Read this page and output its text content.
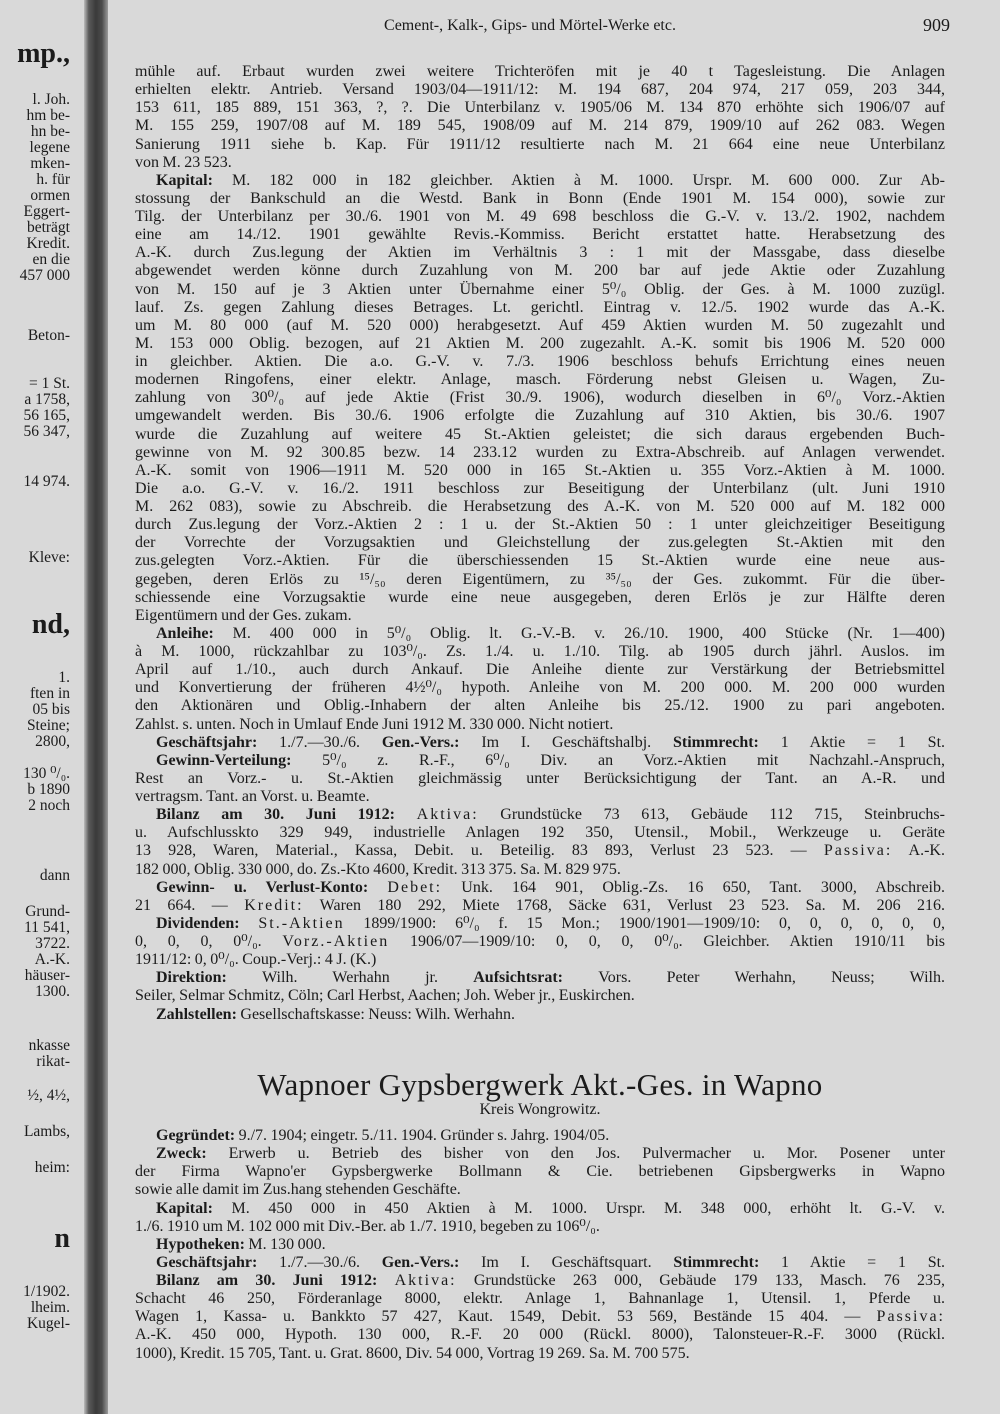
mp.,
l. Joh.
hm be-
hn be-
legene
mken-
h. für
ormen
Eggert-
beträgt
Kredit.
en die
457 000
Beton-
= 1 St.
a 1758,
56 165,
56 347,
14 974.
Kleve:
nd,
1.
ften in
05 bis
Steine;
2800,
130 ⁰/₀.
b 1890
2 noch
dann
Grund-
11 541,
3722.
A.-K.
häuser-
1300.
nkasse
rikat-
½, 4½,
Lambs,
heim:
n
1/1902.
lheim.
Kugel-
Cement-, Kalk-, Gips- und Mörtel-Werke etc.	909
mühle auf. Erbaut wurden zwei weitere Trichteröfen mit je 40 t Tagesleistung. Die Anlagen
erhielten elektr. Antrieb. Versand 1903/04—1911/12: M. 194 687, 204 974, 217 059, 203 344,
153 611, 185 889, 151 363, ?, ?. Die Unterbilanz v. 1905/06 M. 134 870 erhöhte sich 1906/07 auf
M. 155 259, 1907/08 auf M. 189 545, 1908/09 auf M. 214 879, 1909/10 auf 262 083. Wegen
Sanierung 1911 siehe b. Kap. Für 1911/12 resultierte nach M. 21 664 eine neue Unterbilanz
von M. 23 523.
Kapital: M. 182 000 in 182 gleichber. Aktien à M. 1000. Urspr. M. 600 000. Zur Ab-
stossung der Bankschuld an die Westd. Bank in Bonn (Ende 1901 M. 154 000), sowie zur
Tilg. der Unterbilanz per 30./6. 1901 von M. 49 698 beschloss die G.-V. v. 13./2. 1902, nachdem
eine am 14./12. 1901 gewählte Revis.-Kommiss. Bericht erstattet hatte. Herabsetzung des
A.-K. durch Zus.legung der Aktien im Verhältnis 3 : 1 mit der Massgabe, dass dieselbe
abgewendet werden könne durch Zuzahlung von M. 200 bar auf jede Aktie oder Zuzahlung
von M. 150 auf je 3 Aktien unter Übernahme einer 5⁰/₀ Oblig. der Ges. à M. 1000 zuzügl.
lauf. Zs. gegen Zahlung dieses Betrages. Lt. gerichtl. Eintrag v. 12./5. 1902 wurde das A.-K.
um M. 80 000 (auf M. 520 000) herabgesetzt. Auf 459 Aktien wurden M. 50 zugezahlt und
M. 153 000 Oblig. bezogen, auf 21 Aktien M. 200 zugezahlt. A.-K. somit bis 1906 M. 520 000
in gleichber. Aktien. Die a.o. G.-V. v. 7./3. 1906 beschloss behufs Errichtung eines neuen
modernen Ringofens, einer elektr. Anlage, masch. Förderung nebst Gleisen u. Wagen, Zu-
zahlung von 30⁰/₀ auf jede Aktie (Frist 30./9. 1906), wodurch dieselben in 6⁰/₀ Vorz.-Aktien
umgewandelt werden. Bis 30./6. 1906 erfolgte die Zuzahlung auf 310 Aktien, bis 30./6. 1907
wurde die Zuzahlung auf weitere 45 St.-Aktien geleistet; die sich daraus ergebenden Buch-
gewinne von M. 92 300.85 bezw. 14 233.12 wurden zu Extra-Abschreib. auf Anlagen verwendet.
A.-K. somit von 1906—1911 M. 520 000 in 165 St.-Aktien u. 355 Vorz.-Aktien à M. 1000.
Die a.o. G.-V. v. 16./2. 1911 beschloss zur Beseitigung der Unterbilanz (ult. Juni 1910
M. 262 083), sowie zu Abschreib. die Herabsetzung des A.-K. von M. 520 000 auf M. 182 000
durch Zus.legung der Vorz.-Aktien 2 : 1 u. der St.-Aktien 50 : 1 unter gleichzeitiger Beseitigung
der Vorrechte der Vorzugsaktien und Gleichstellung der zus.gelegten St.-Aktien mit den
zus.gelegten Vorz.-Aktien. Für die überschiessenden 15 St.-Aktien wurde eine neue aus-
gegeben, deren Erlös zu ¹⁵/₅₀ deren Eigentümern, zu ³⁵/₅₀ der Ges. zukommt. Für die über-
schiessende eine Vorzugsaktie wurde eine neue ausgegeben, deren Erlös je zur Hälfte deren
Eigentümern und der Ges. zukam.
Anleihe: M. 400 000 in 5⁰/₀ Oblig. lt. G.-V.-B. v. 26./10. 1900, 400 Stücke (Nr. 1—400)
à M. 1000, rückzahlbar zu 103⁰/₀. Zs. 1./4. u. 1./10. Tilg. ab 1905 durch jährl. Auslos. im
April auf 1./10., auch durch Ankauf. Die Anleihe diente zur Verstärkung der Betriebsmittel
und Konvertierung der früheren 4½⁰/₀ hypoth. Anleihe von M. 200 000. M. 200 000 wurden
den Aktionären und Oblig.-Inhabern der alten Anleihe bis 25./12. 1900 zu pari angeboten.
Zahlst. s. unten. Noch in Umlauf Ende Juni 1912 M. 330 000. Nicht notiert.
Geschäftsjahr: 1./7.—30./6. Gen.-Vers.: Im I. Geschäftshalbj. Stimmrecht: 1 Aktie = 1 St.
Gewinn-Verteilung: 5⁰/₀ z. R.-F., 6⁰/₀ Div. an Vorz.-Aktien mit Nachzahl.-Anspruch,
Rest an Vorz.- u. St.-Aktien gleichmässig unter Berücksichtigung der Tant. an A.-R. und
vertragsm. Tant. an Vorst. u. Beamte.
Bilanz am 30. Juni 1912: Aktiva: Grundstücke 73 613, Gebäude 112 715, Steinbruchs-
u. Aufschlusskto 329 949, industrielle Anlagen 192 350, Utensil., Mobil., Werkzeuge u. Geräte
13 928, Waren, Material., Kassa, Debit. u. Beteilig. 83 893, Verlust 23 523. — Passiva: A.-K.
182 000, Oblig. 330 000, do. Zs.-Kto 4600, Kredit. 313 375. Sa. M. 829 975.
Gewinn- u. Verlust-Konto: Debet: Unk. 164 901, Oblig.-Zs. 16 650, Tant. 3000, Abschreib.
21 664. — Kredit: Waren 180 292, Miete 1768, Säcke 631, Verlust 23 523. Sa. M. 206 216.
Dividenden: St.-Aktien 1899/1900: 6⁰/₀ f. 15 Mon.; 1900/1901—1909/10: 0, 0, 0, 0, 0, 0,
0, 0, 0, 0⁰/₀. Vorz.-Aktien 1906/07—1909/10: 0, 0, 0, 0⁰/₀. Gleichber. Aktien 1910/11 bis
1911/12: 0, 0⁰/₀. Coup.-Verj.: 4 J. (K.)
Direktion: Wilh. Werhahn jr. Aufsichtsrat: Vors. Peter Werhahn, Neuss; Wilh.
Seiler, Selmar Schmitz, Cöln; Carl Herbst, Aachen; Joh. Weber jr., Euskirchen.
Zahlstellen: Gesellschaftskasse: Neuss: Wilh. Werhahn.
Wapnoer Gypsbergwerk Akt.-Ges. in Wapno
Kreis Wongrowitz.
Gegründet: 9./7. 1904; eingetr. 5./11. 1904. Gründer s. Jahrg. 1904/05.
Zweck: Erwerb u. Betrieb des bisher von den Jos. Pulvermacher u. Mor. Posener unter
der Firma Wapno'er Gypsbergwerke Bollmann & Cie. betriebenen Gipsbergwerks in Wapno
sowie alle damit im Zus.hang stehenden Geschäfte.
Kapital: M. 450 000 in 450 Aktien à M. 1000. Urspr. M. 348 000, erhöht lt. G.-V. v.
1./6. 1910 um M. 102 000 mit Div.-Ber. ab 1./7. 1910, begeben zu 106⁰/₀.
Hypotheken: M. 130 000.
Geschäftsjahr: 1./7.—30./6. Gen.-Vers.: Im I. Geschäftsquart. Stimmrecht: 1 Aktie = 1 St.
Bilanz am 30. Juni 1912: Aktiva: Grundstücke 263 000, Gebäude 179 133, Masch. 76 235,
Schacht 46 250, Förderanlage 8000, elektr. Anlage 1, Bahnanlage 1, Utensil. 1, Pferde u.
Wagen 1, Kassa- u. Bankkto 57 427, Kaut. 1549, Debit. 53 569, Bestände 15 404. — Passiva:
A.-K. 450 000, Hypoth. 130 000, R.-F. 20 000 (Rückl. 8000), Talonsteuer-R.-F. 3000 (Rückl.
1000), Kredit. 15 705, Tant. u. Grat. 8600, Div. 54 000, Vortrag 19 269. Sa. M. 700 575.
